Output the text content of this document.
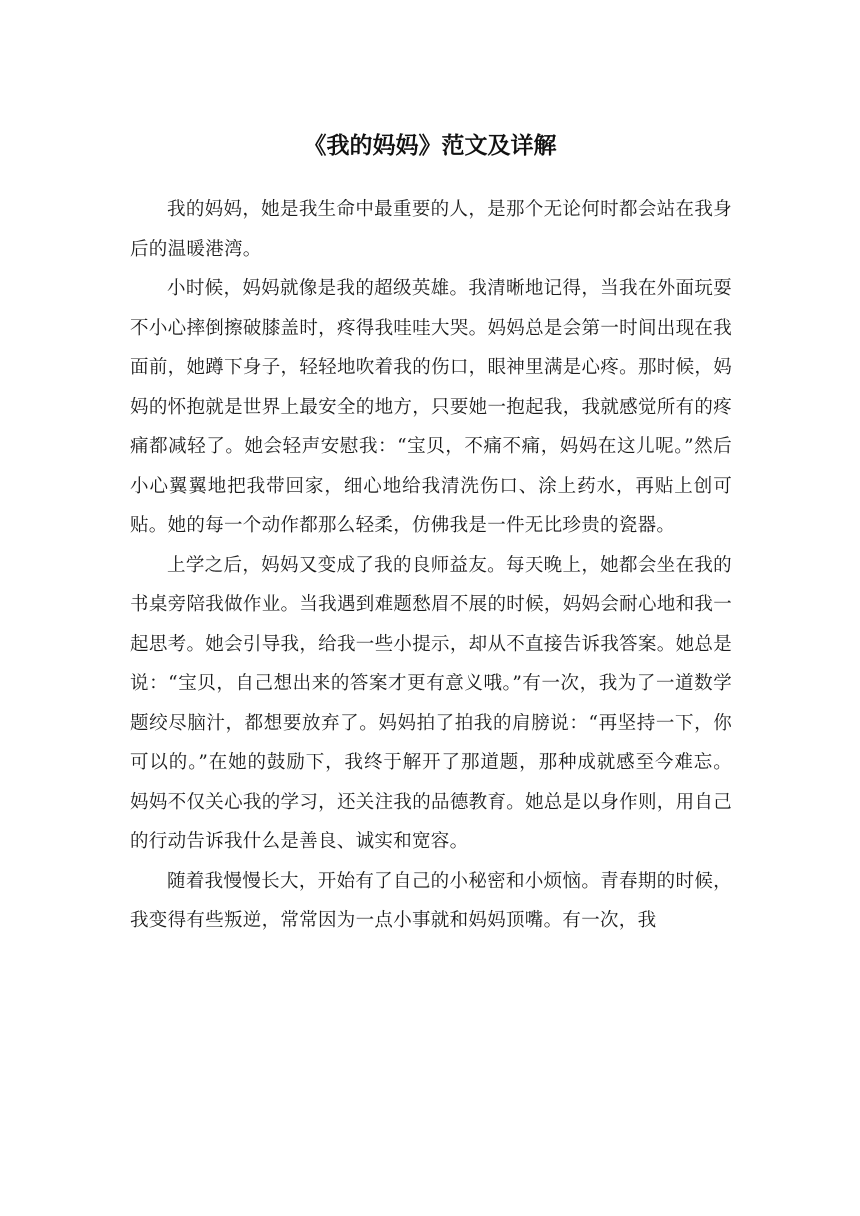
《我的妈妈》范文及详解

我的妈妈，她是我生命中最重要的人，是那个无论何时都会站在我身后的温暖港湾。

小时候，妈妈就像是我的超级英雄。我清晰地记得，当我在外面玩耍不小心摔倒擦破膝盖时，疼得我哇哇大哭。妈妈总是会第一时间出现在我面前，她蹲下身子，轻轻地吹着我的伤口，眼神里满是心疼。那时候，妈妈的怀抱就是世界上最安全的地方，只要她一抱起我，我就感觉所有的疼痛都减轻了。她会轻声安慰我：“宝贝，不痛不痛，妈妈在这儿呢。”然后小心翼翼地把我带回家，细心地给我清洗伤口、涂上药水，再贴上创可贴。她的每一个动作都那么轻柔，仿佛我是一件无比珍贵的瓷器。

上学之后，妈妈又变成了我的良师益友。每天晚上，她都会坐在我的书桌旁陪我做作业。当我遇到难题愁眉不展的时候，妈妈会耐心地和我一起思考。她会引导我，给我一些小提示，却从不直接告诉我答案。她总是说：“宝贝，自己想出来的答案才更有意义哦。”有一次，我为了一道数学题绞尽脑汁，都想要放弃了。妈妈拍了拍我的肩膀说：“再坚持一下，你可以的。”在她的鼓励下，我终于解开了那道题，那种成就感至今难忘。妈妈不仅关心我的学习，还关注我的品德教育。她总是以身作则，用自己的行动告诉我什么是善良、诚实和宽容。

随着我慢慢长大，开始有了自己的小秘密和小烦恼。青春期的时候，我变得有些叛逆，常常因为一点小事就和妈妈顶嘴。有一次，我
